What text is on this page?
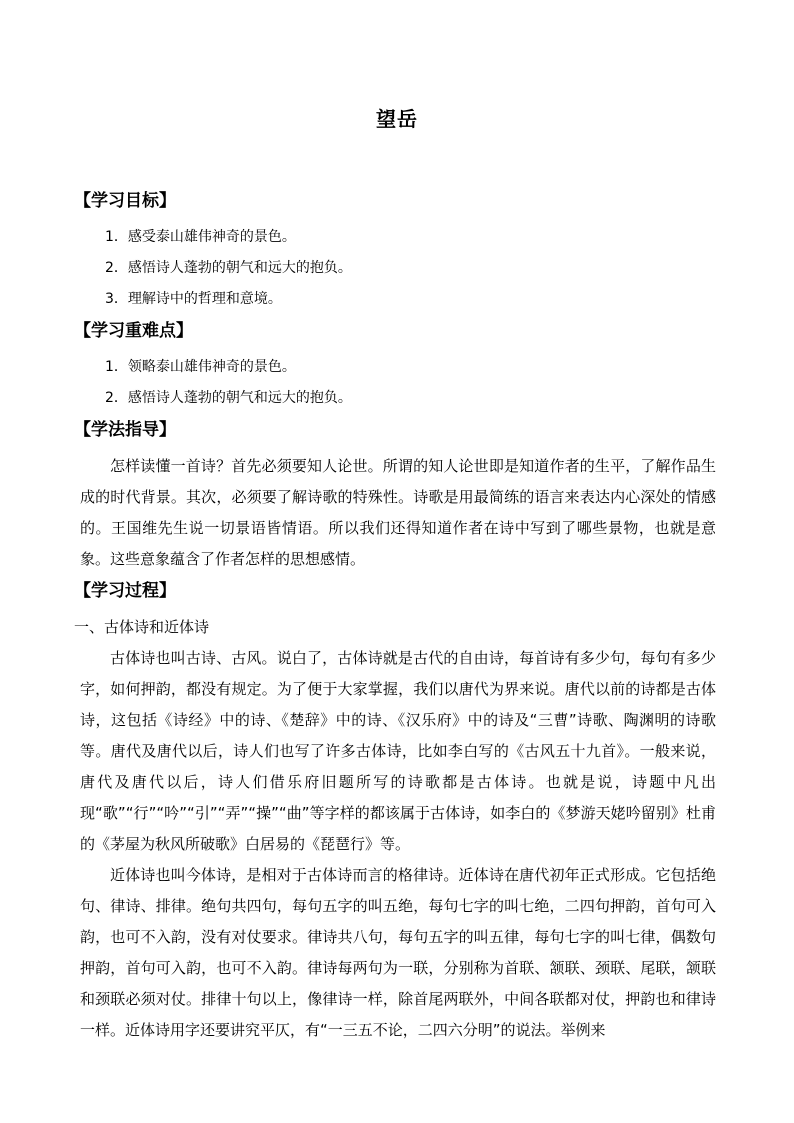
望岳
【学习目标】
1．感受泰山雄伟神奇的景色。
2．感悟诗人蓬勃的朝气和远大的抱负。
3．理解诗中的哲理和意境。
【学习重难点】
1．领略泰山雄伟神奇的景色。
2．感悟诗人蓬勃的朝气和远大的抱负。
【学法指导】

怎样读懂一首诗？首先必须要知人论世。所谓的知人论世即是知道作者的生平，了解作品生成的时代背景。其次，必须要了解诗歌的特殊性。诗歌是用最简练的语言来表达内心深处的情感的。王国维先生说一切景语皆情语。所以我们还得知道作者在诗中写到了哪些景物，也就是意象。这些意象蕴含了作者怎样的思想感情。

【学习过程】
一、古体诗和近体诗

古体诗也叫古诗、古风。说白了，古体诗就是古代的自由诗，每首诗有多少句，每句有多少字，如何押韵，都没有规定。为了便于大家掌握，我们以唐代为界来说。唐代以前的诗都是古体诗，这包括《诗经》中的诗、《楚辞》中的诗、《汉乐府》中的诗及“三曹”诗歌、陶渊明的诗歌等。唐代及唐代以后，诗人们也写了许多古体诗，比如李白写的《古风五十九首》。一般来说，唐代及唐代以后，诗人们借乐府旧题所写的诗歌都是古体诗。也就是说，诗题中凡出现“歌”“行”“吟”“引”“弄”“操”“曲”等字样的都该属于古体诗，如李白的《梦游天姥吟留别》杜甫的《茅屋为秋风所破歌》白居易的《琵琶行》等。

近体诗也叫今体诗，是相对于古体诗而言的格律诗。近体诗在唐代初年正式形成。它包括绝句、律诗、排律。绝句共四句，每句五字的叫五绝，每句七字的叫七绝，二四句押韵，首句可入韵，也可不入韵，没有对仗要求。律诗共八句，每句五字的叫五律，每句七字的叫七律，偶数句押韵，首句可入韵，也可不入韵。律诗每两句为一联，分别称为首联、颔联、颈联、尾联，颔联和颈联必须对仗。排律十句以上，像律诗一样，除首尾两联外，中间各联都对仗，押韵也和律诗一样。近体诗用字还要讲究平仄，有“一三五不论，二四六分明”的说法。举例来
